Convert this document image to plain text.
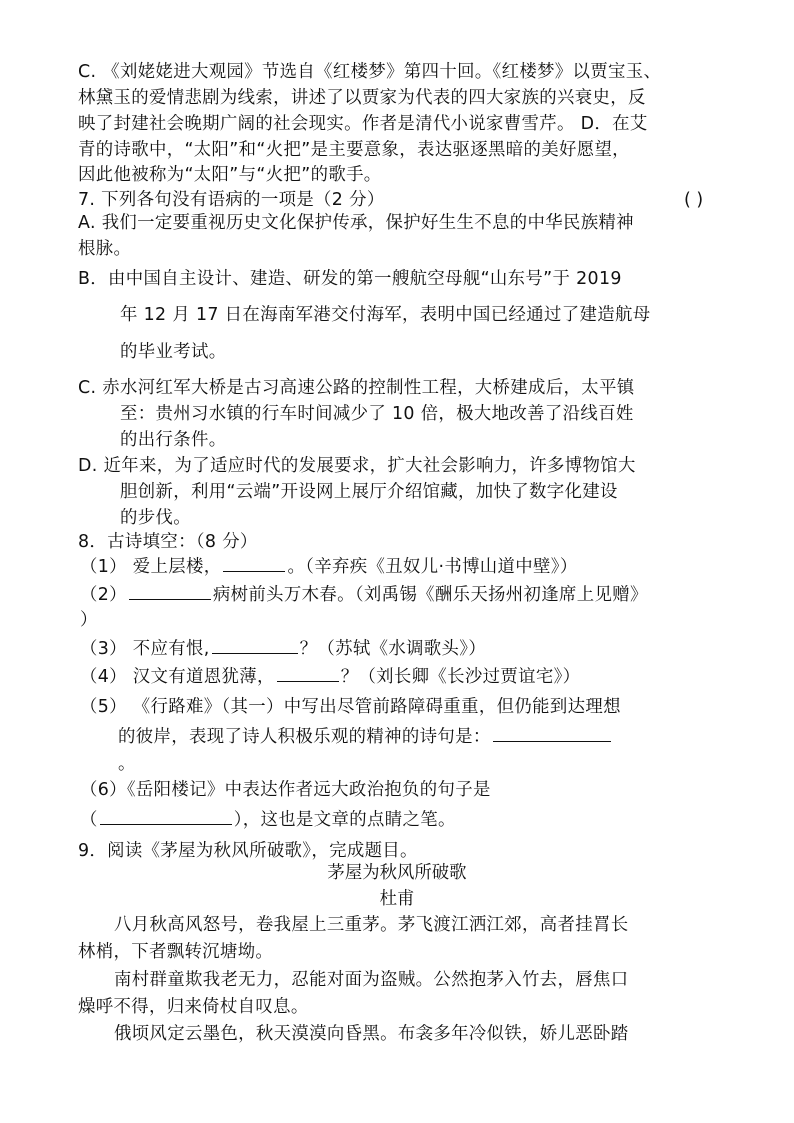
C. 《刘姥姥进大观园》节选自《红楼梦》第四十回。《红楼梦》以贾宝玉、
林黛玉的爱情悲剧为线索，讲述了以贾家为代表的四大家族的兴衰史，反
映了封建社会晚期广阔的社会现实。作者是清代小说家曹雪芹。 D．在艾
青的诗歌中，“太阳”和“火把”是主要意象，表达驱逐黑暗的美好愿望，
因此他被称为“太阳”与“火把”的歌手。
7. 下列各句没有语病的一项是（2 分）	( )
A. 我们一定要重视历史文化保护传承，保护好生生不息的中华民族精神
根脉。
B．由中国自主设计、建造、研发的第一艘航空母舰“山东号”于 2019
年 12 月 17 日在海南军港交付海军，表明中国已经通过了建造航母
的毕业考试。
C. 赤水河红军大桥是古习高速公路的控制性工程，大桥建成后，太平镇
至：贵州习水镇的行车时间减少了 10 倍，极大地改善了沿线百姓
的出行条件。
D. 近年来，为了适应时代的发展要求，扩大社会影响力，许多博物馆大
胆创新，利用“云端”开设网上展厅介绍馆藏，加快了数字化建设
的步伐。
8．古诗填空：（8 分）
（1） 爱上层楼，	。（辛弃疾《丑奴儿·书博山道中壁》）
（2）	病树前头万木春。（刘禹锡《酬乐天扬州初逢席上见赠》
）
（3） 不应有恨,	？（苏轼《水调歌头》）
（4） 汉文有道恩犹薄，	？（刘长卿《长沙过贾谊宅》）
（5） 《行路难》（其一）中写出尽管前路障碍重重，但仍能到达理想
的彼岸，表现了诗人积极乐观的精神的诗句是：
。
（6）《岳阳楼记》中表达作者远大政治抱负的句子是
（	），这也是文章的点睛之笔。
9．阅读《茅屋为秋风所破歌》，完成题目。
茅屋为秋风所破歌
杜甫
八月秋高风怒号，卷我屋上三重茅。茅飞渡江洒江郊，高者挂罥长
林梢，下者飘转沉塘坳。
南村群童欺我老无力，忍能对面为盗贼。公然抱茅入竹去，唇焦口
燥呼不得，归来倚杖自叹息。
俄顷风定云墨色，秋天漠漠向昏黑。布衾多年冷似铁，娇儿恶卧踏
